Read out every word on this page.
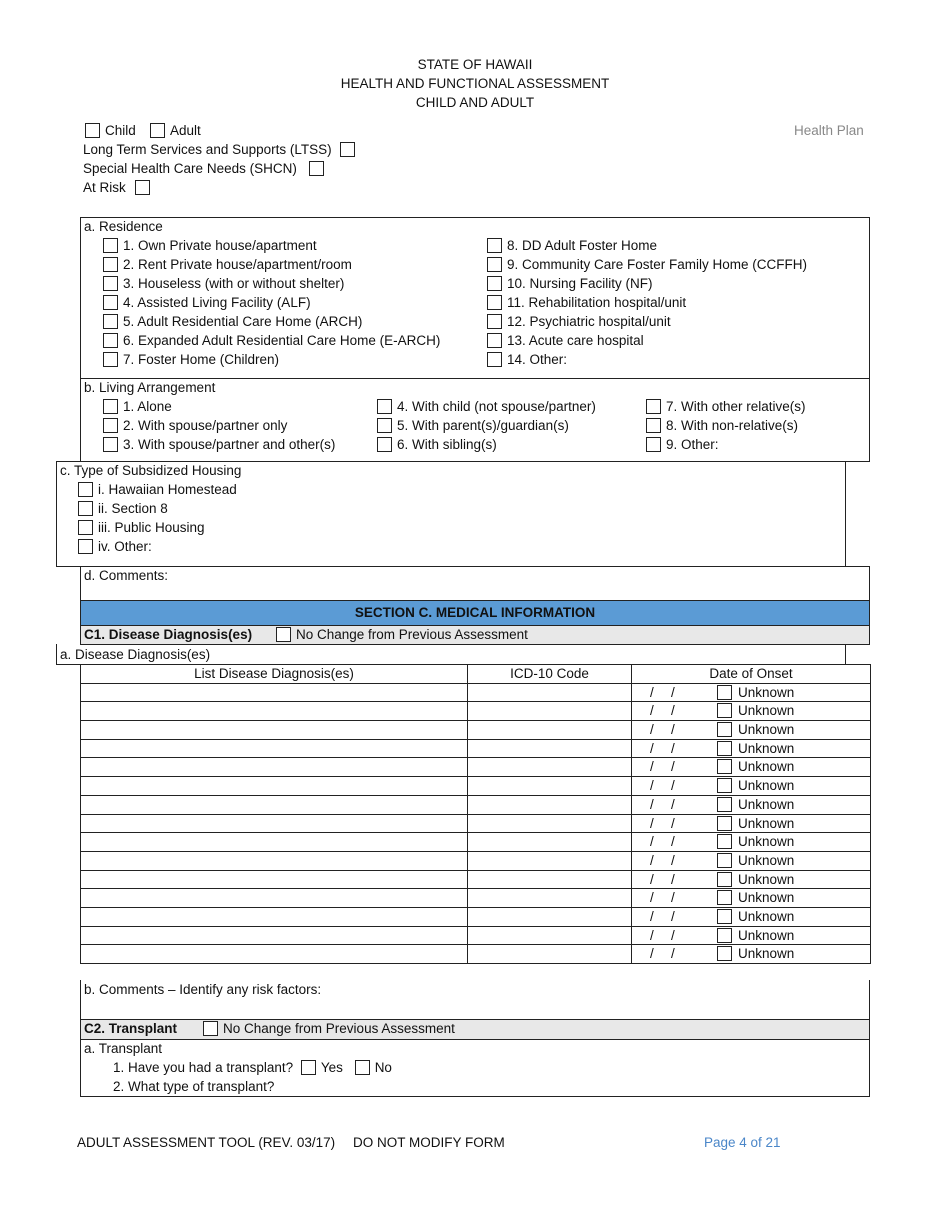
STATE OF HAWAII
HEALTH AND FUNCTIONAL ASSESSMENT
CHILD AND ADULT
Child	Adult	Health Plan
Long Term Services and Supports (LTSS)
Special Health Care Needs (SHCN)
At Risk
a. Residence
1. Own Private house/apartment
2. Rent Private house/apartment/room
3. Houseless (with or without shelter)
4. Assisted Living Facility (ALF)
5. Adult Residential Care Home (ARCH)
6. Expanded Adult Residential Care Home (E-ARCH)
7. Foster Home (Children)
8. DD Adult Foster Home
9. Community Care Foster Family Home (CCFFH)
10. Nursing Facility (NF)
11. Rehabilitation hospital/unit
12. Psychiatric hospital/unit
13. Acute care hospital
14. Other:
b. Living Arrangement
1. Alone
2. With spouse/partner only
3. With spouse/partner and other(s)
4. With child (not spouse/partner)
5. With parent(s)/guardian(s)
6. With sibling(s)
7. With other relative(s)
8. With non-relative(s)
9. Other:
c. Type of Subsidized Housing
i. Hawaiian Homestead
ii. Section 8
iii. Public Housing
iv. Other:
d. Comments:
SECTION C. MEDICAL INFORMATION
C1. Disease Diagnosis(es)	No Change from Previous Assessment
a. Disease Diagnosis(es)
List Disease Diagnosis(es)	ICD-10 Code	Date of Onset

		/ / Unknown

		/ / Unknown

		/ / Unknown

		/ / Unknown

		/ / Unknown

		/ / Unknown

		/ / Unknown

		/ / Unknown

		/ / Unknown

		/ / Unknown

		/ / Unknown

		/ / Unknown

		/ / Unknown

		/ / Unknown

		/ / Unknown
b. Comments – Identify any risk factors:
C2. Transplant	No Change from Previous Assessment
a. Transplant
1. Have you had a transplant? Yes No
2. What type of transplant?
ADULT ASSESSMENT TOOL (REV. 03/17) DO NOT MODIFY FORM	Page 4 of 21
